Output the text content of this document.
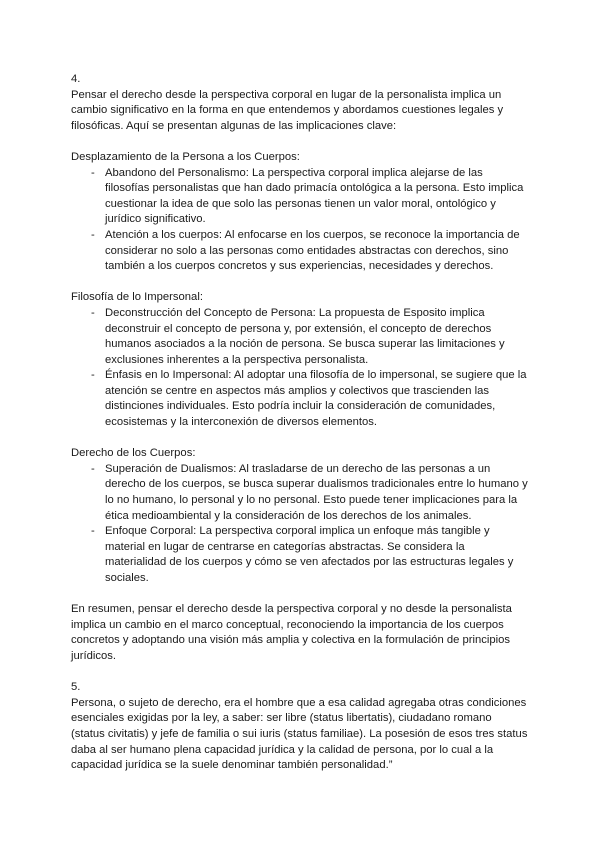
4.

Pensar el derecho desde la perspectiva corporal en lugar de la personalista implica un cambio significativo en la forma en que entendemos y abordamos cuestiones legales y filosóficas. Aquí se presentan algunas de las implicaciones clave:

Desplazamiento de la Persona a los Cuerpos:

- Abandono del Personalismo: La perspectiva corporal implica alejarse de las filosofías personalistas que han dado primacía ontológica a la persona. Esto implica cuestionar la idea de que solo las personas tienen un valor moral, ontológico y jurídico significativo.
- Atención a los cuerpos: Al enfocarse en los cuerpos, se reconoce la importancia de considerar no solo a las personas como entidades abstractas con derechos, sino también a los cuerpos concretos y sus experiencias, necesidades y derechos.

Filosofía de lo Impersonal:

- Deconstrucción del Concepto de Persona: La propuesta de Esposito implica deconstruir el concepto de persona y, por extensión, el concepto de derechos humanos asociados a la noción de persona. Se busca superar las limitaciones y exclusiones inherentes a la perspectiva personalista.
- Énfasis en lo Impersonal: Al adoptar una filosofía de lo impersonal, se sugiere que la atención se centre en aspectos más amplios y colectivos que trascienden las distinciones individuales. Esto podría incluir la consideración de comunidades, ecosistemas y la interconexión de diversos elementos.

Derecho de los Cuerpos:

- Superación de Dualismos: Al trasladarse de un derecho de las personas a un derecho de los cuerpos, se busca superar dualismos tradicionales entre lo humano y lo no humano, lo personal y lo no personal. Esto puede tener implicaciones para la ética medioambiental y la consideración de los derechos de los animales.
- Enfoque Corporal: La perspectiva corporal implica un enfoque más tangible y material en lugar de centrarse en categorías abstractas. Se considera la materialidad de los cuerpos y cómo se ven afectados por las estructuras legales y sociales.

En resumen, pensar el derecho desde la perspectiva corporal y no desde la personalista implica un cambio en el marco conceptual, reconociendo la importancia de los cuerpos concretos y adoptando una visión más amplia y colectiva en la formulación de principios jurídicos.

5.

Persona, o sujeto de derecho, era el hombre que a esa calidad agregaba otras condiciones esenciales exigidas por la ley, a saber: ser libre (status libertatis), ciudadano romano (status civitatis) y jefe de familia o sui iuris (status familiae). La posesión de esos tres status daba al ser humano plena capacidad jurídica y la calidad de persona, por lo cual a la capacidad jurídica se la suele denominar también personalidad.”
